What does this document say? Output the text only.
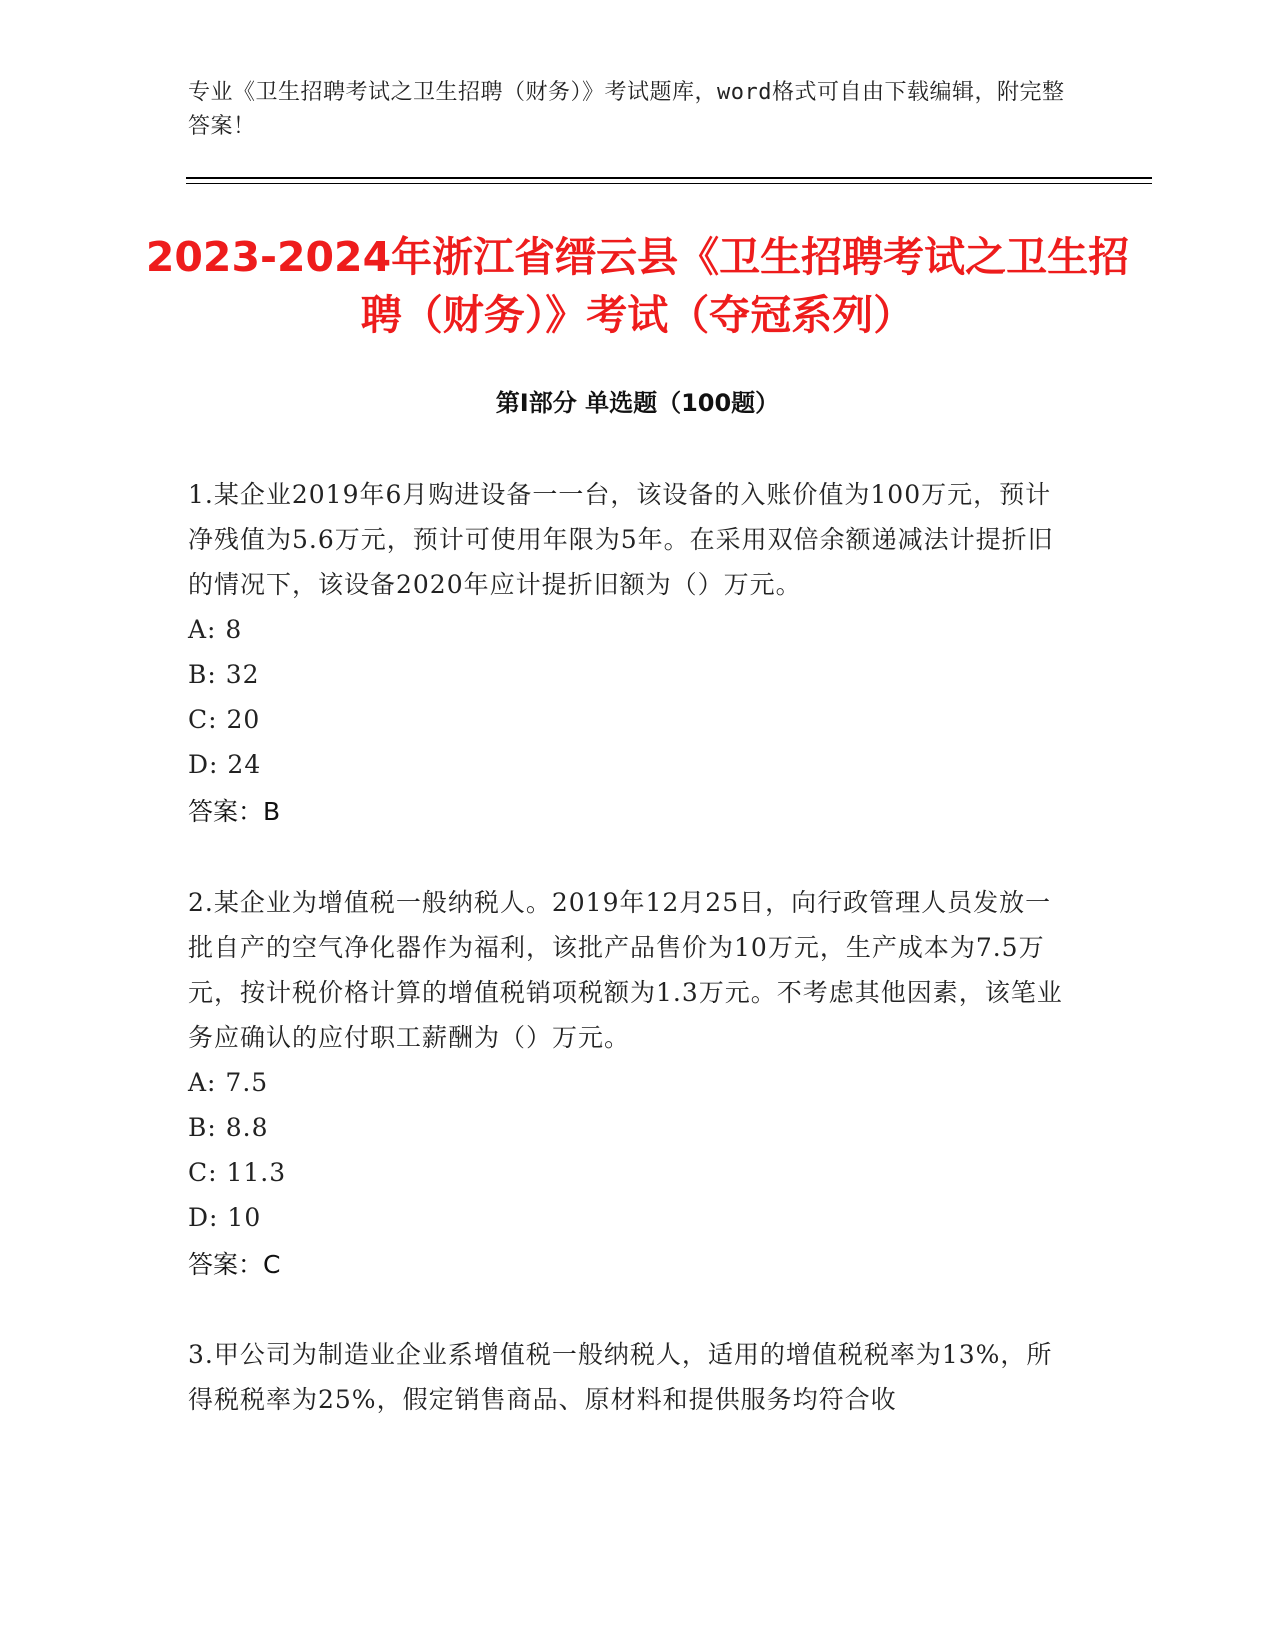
专业《卫生招聘考试之卫生招聘（财务）》考试题库，word格式可自由下载编辑，附完整答案！
2023-2024年浙江省缙云县《卫生招聘考试之卫生招聘（财务）》考试（夺冠系列）
第Ⅰ部分 单选题（100题）
1.某企业2019年6月购进设备一一台，该设备的入账价值为100万元，预计净残值为5.6万元，预计可使用年限为5年。在采用双倍余额递减法计提折旧的情况下，该设备2020年应计提折旧额为（）万元。
A: 8
B: 32
C: 20
D: 24
答案：B
2.某企业为增值税一般纳税人。2019年12月25日，向行政管理人员发放一批自产的空气净化器作为福利，该批产品售价为10万元，生产成本为7.5万元，按计税价格计算的增值税销项税额为1.3万元。不考虑其他因素，该笔业务应确认的应付职工薪酬为（）万元。
A: 7.5
B: 8.8
C: 11.3
D: 10
答案：C
3.甲公司为制造业企业系增值税一般纳税人，适用的增值税税率为13%，所得税税率为25%，假定销售商品、原材料和提供服务均符合收
